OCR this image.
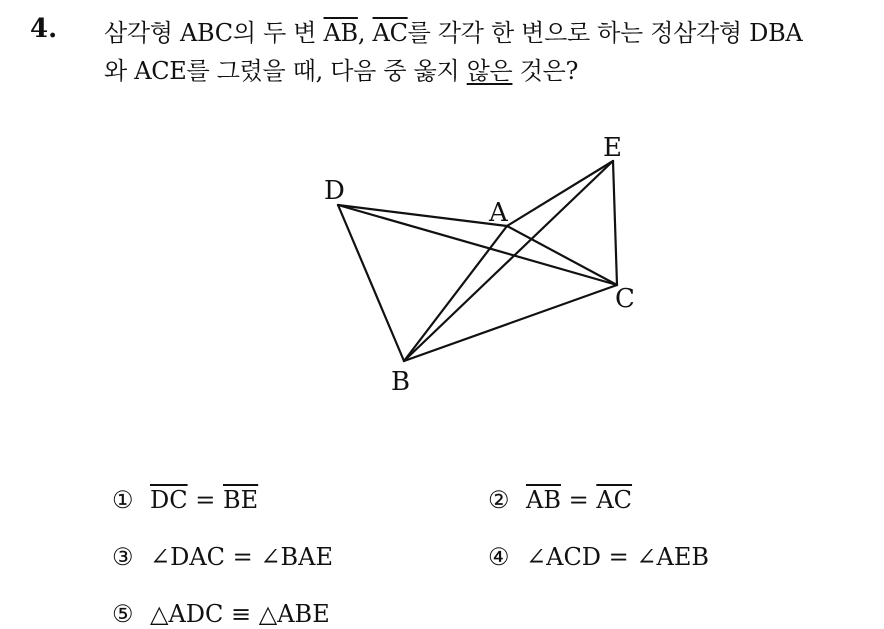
4. 삼각형 ABC의 두 변 $\overline{AB}$, $\overline{AC}$를 각각 한 변으로 하는 정삼각형 DBA
와 ACE를 그렸을 때, 다음 중 옳지 않은 것은?
D
A
E
C
B
① $\overline{DC} = \overline{BE}$	② $\overline{AB} = \overline{AC}$
③ ∠DAC = ∠BAE	④ ∠ACD = ∠AEB
⑤ △ADC ≡ △ABE
